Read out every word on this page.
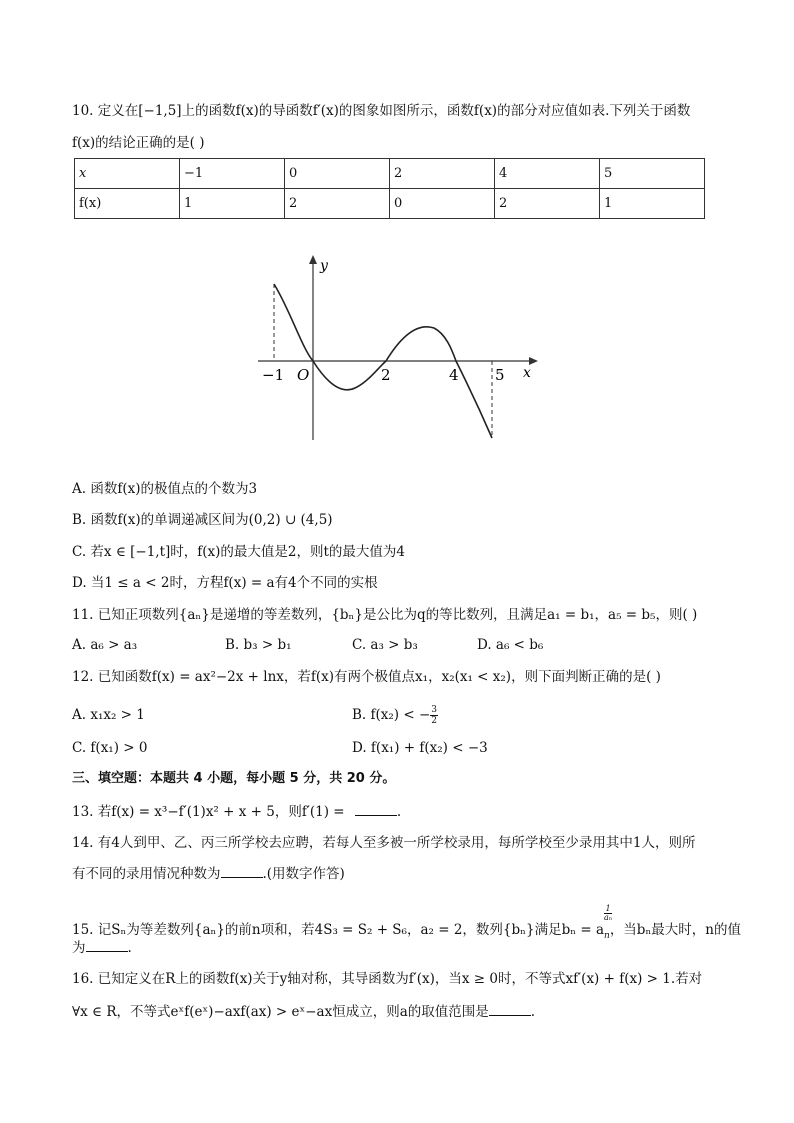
10. 定义在[−1,5]上的函数f(x)的导函数f′(x)的图象如图所示，函数f(x)的部分对应值如表.下列关于函数
f(x)的结论正确的是( )
x	−1	0	2	4	5
f(x)	1	2	0	2	1
y
x
O
−1	2	4 5
A. 函数f(x)的极值点的个数为3
B. 函数f(x)的单调递减区间为(0,2) ∪ (4,5)
C. 若x ∈ [−1,t]时，f(x)的最大值是2，则t的最大值为4
D. 当1 ≤ a < 2时，方程f(x) = a有4个不同的实根
11. 已知正项数列{aₙ}是递增的等差数列，{bₙ}是公比为q的等比数列，且满足a₁ = b₁，a₅ = b₅，则( )
A. a₆ > a₃	B. b₃ > b₁	C. a₃ > b₃	D. a₆ < b₆
12. 已知函数f(x) = ax²−2x + lnx，若f(x)有两个极值点x₁，x₂(x₁ < x₂)，则下面判断正确的是( )
A. x₁x₂ > 1	B. f(x₂) < − $\frac{3}{2}$
C. f(x₁) > 0	D. f(x₁) + f(x₂) < −3
三、填空题：本题共 4 小题，每小题 5 分，共 20 分。
13. 若f(x) = x³−f′(1)x² + x + 5，则f′(1) =	.
14. 有4人到甲、乙、丙三所学校去应聘，若每人至多被一所学校录用，每所学校至少录用其中1人，则所
有不同的录用情况种数为	.(用数字作答)
15. 记Sₙ为等差数列{aₙ}的前n项和，若4S₃ = S₂ + S₆，a₂ = 2，数列{bₙ}满足bₙ = a
$\frac{1}{\text{aₙ}}$
$_n$，当bₙ最大时，n的值
为	.
16. 已知定义在R上的函数f(x)关于y轴对称，其导函数为f′(x)，当x ≥ 0时，不等式xf′(x) + f(x) > 1.若对
∀x ∈ R，不等式eˣf(eˣ)−axf(ax) > eˣ−ax恒成立，则a的取值范围是	.
